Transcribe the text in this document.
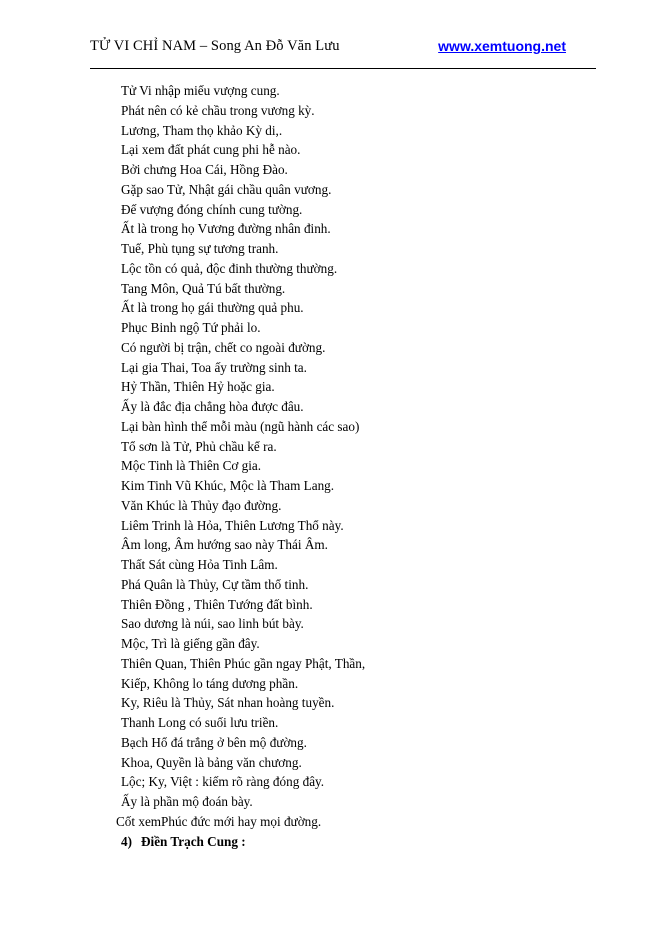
TỬ VI CHỈ NAM – Song An Đỗ Văn Lưu	www.xemtuong.net
Tử Vi nhập miếu vượng cung.
Phát nên có kẻ chầu trong vương kỳ.
Lương, Tham thọ khảo Kỳ di,.
Lại xem đất phát cung phi hễ nào.
Bởi chưng Hoa Cái, Hồng Đào.
Gặp sao Tử, Nhật gái chầu quân vương.
Đế vượng đóng chính cung tường.
Ất là trong họ Vương đường nhân đinh.
Tuế, Phù tụng sự tương tranh.
Lộc tồn có quả, độc đinh thường thường.
Tang Môn, Quả Tú bất thường.
Ất là trong họ gái thường quả phu.
Phục Binh ngộ Tứ phải lo.
Có người bị trận, chết co ngoài đường.
Lại gia Thai, Toa ấy trường sinh ta.
Hỷ Thần, Thiên Hỷ hoặc gia.
Ấy là đắc địa chẳng hòa được đâu.
Lại bàn hình thể mỗi màu (ngũ hành các sao)
Tổ sơn là Tử, Phủ chầu kể ra.
Mộc Tinh là Thiên Cơ gia.
Kim Tinh Vũ Khúc, Mộc là Tham Lang.
Văn Khúc là Thủy đạo đường.
Liêm Trinh là Hỏa, Thiên Lương Thổ này.
Âm long, Âm hướng sao này Thái Âm.
Thất Sát cùng Hỏa Tinh Lâm.
Phá Quân là Thủy, Cự tầm thổ tinh.
Thiên Đồng , Thiên Tướng đất bình.
Sao dương là núi, sao linh bút bày.
Mộc, Trì là giếng gần đây.
Thiên Quan, Thiên Phúc gần ngay Phật, Thần,
Kiếp, Không lo táng dương phần.
Ky, Riêu là Thủy, Sát nhan hoàng tuyền.
Thanh Long có suối lưu triền.
Bạch Hổ đá trắng ở bên mộ đường.
Khoa, Quyền là bảng văn chương.
Lộc; Ky, Việt : kiếm rõ ràng đóng đây.
Ấy là phần mộ đoán bày.
Cốt xemPhúc đức mới hay mọi đường.
4) Điền Trạch Cung :
